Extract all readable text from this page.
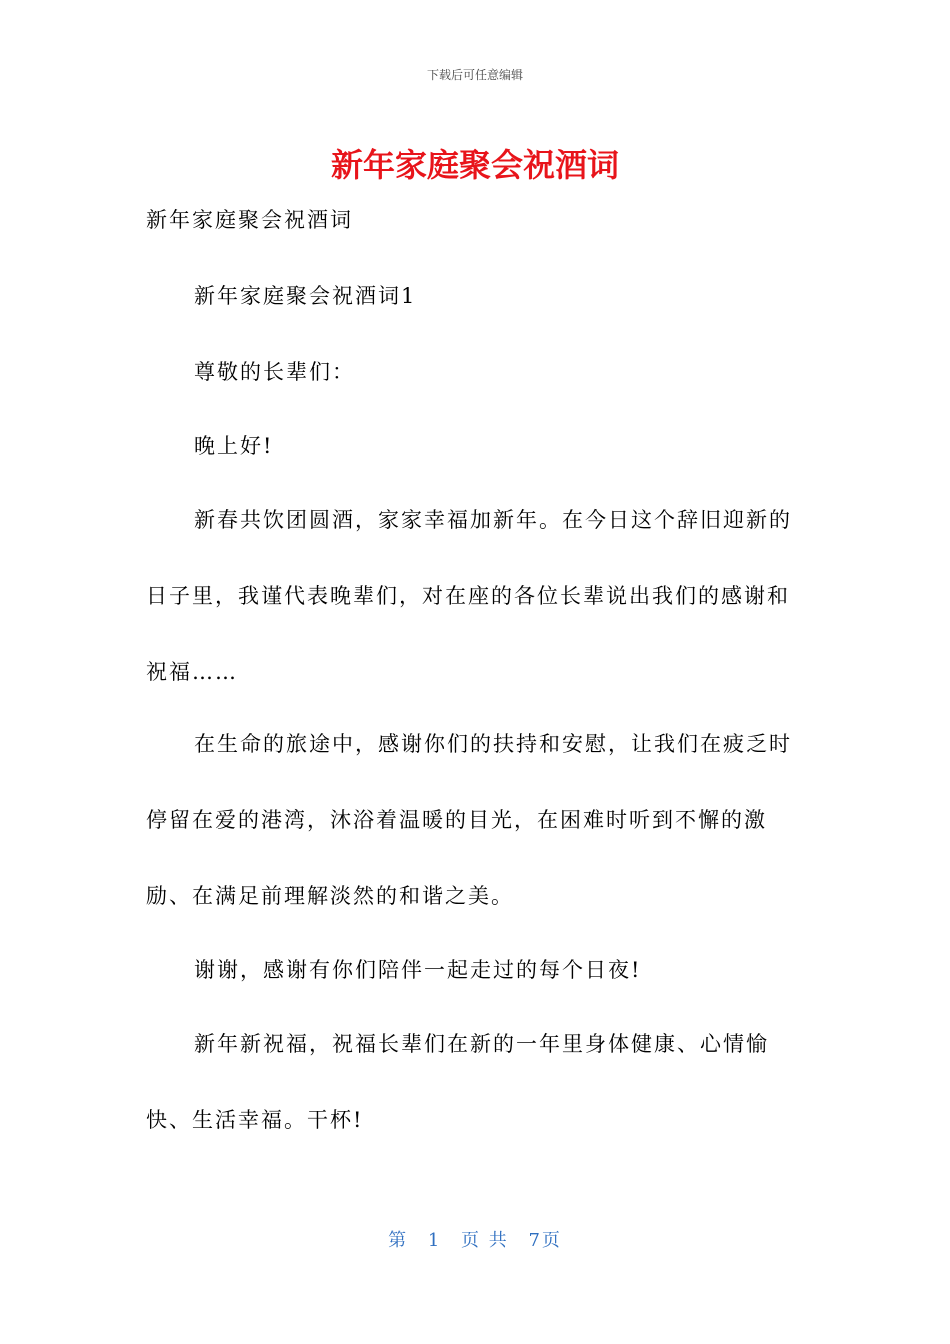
下载后可任意编辑
新年家庭聚会祝酒词

新年家庭聚会祝酒词

新年家庭聚会祝酒词1

尊敬的长辈们：

晚上好!

新春共饮团圆酒，家家幸福加新年。在今日这个辞旧迎新的日子里，我谨代表晚辈们，对在座的各位长辈说出我们的感谢和祝福……

在生命的旅途中，感谢你们的扶持和安慰，让我们在疲乏时停留在爱的港湾，沐浴着温暖的目光，在困难时听到不懈的激励、在满足前理解淡然的和谐之美。

谢谢，感谢有你们陪伴一起走过的每个日夜!

新年新祝福，祝福长辈们在新的一年里身体健康、心情愉快、生活幸福。干杯!

第 1 页 共 7页
